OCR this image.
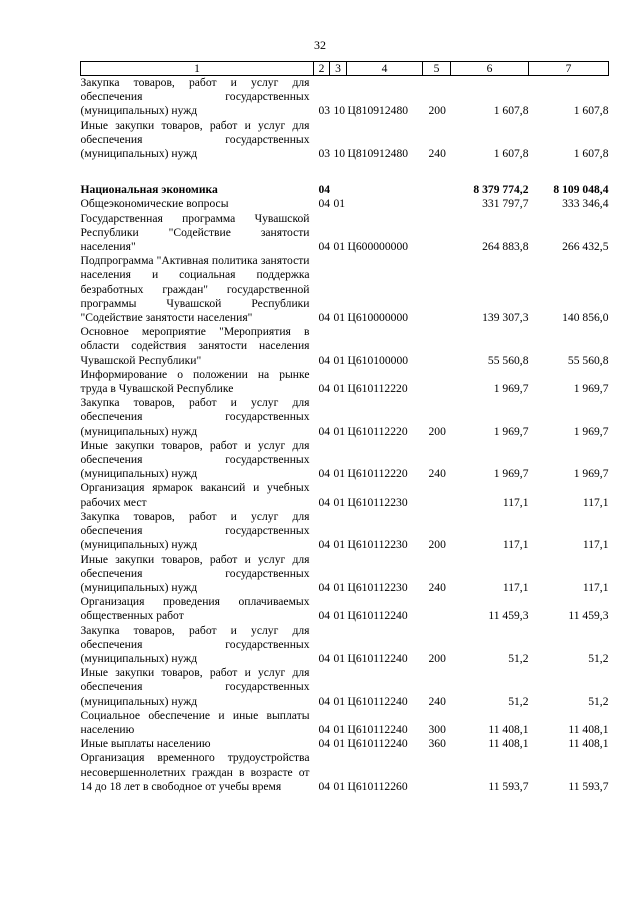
32
1	2	3	4	5	6	7
Закупка товаров, работ и услуг для обеспечения государственных (муниципальных) нужд	03	10	Ц810912480	200	1 607,8	1 607,8
Иные закупки товаров, работ и услуг для обеспечения государственных (муниципальных) нужд	03	10	Ц810912480	240	1 607,8	1 607,8

Национальная экономика	04				8 379 774,2	8 109 048,4
Общеэкономические вопросы	04	01			331 797,7	333 346,4
Государственная программа Чувашской Республики "Содействие занятости населения"	04	01	Ц600000000		264 883,8	266 432,5
Подпрограмма "Активная политика занятости населения и социальная поддержка безработных граждан" государственной программы Чувашской Республики "Содействие занятости населения"	04	01	Ц610000000		139 307,3	140 856,0
Основное мероприятие "Мероприятия в области содействия занятости населения Чувашской Республики"	04	01	Ц610100000		55 560,8	55 560,8
Информирование о положении на рынке труда в Чувашской Республике	04	01	Ц610112220		1 969,7	1 969,7
Закупка товаров, работ и услуг для обеспечения государственных (муниципальных) нужд	04	01	Ц610112220	200	1 969,7	1 969,7
Иные закупки товаров, работ и услуг для обеспечения государственных (муниципальных) нужд	04	01	Ц610112220	240	1 969,7	1 969,7
Организация ярмарок вакансий и учебных рабочих мест	04	01	Ц610112230		117,1	117,1
Закупка товаров, работ и услуг для обеспечения государственных (муниципальных) нужд	04	01	Ц610112230	200	117,1	117,1
Иные закупки товаров, работ и услуг для обеспечения государственных (муниципальных) нужд	04	01	Ц610112230	240	117,1	117,1
Организация проведения оплачиваемых общественных работ	04	01	Ц610112240		11 459,3	11 459,3
Закупка товаров, работ и услуг для обеспечения государственных (муниципальных) нужд	04	01	Ц610112240	200	51,2	51,2
Иные закупки товаров, работ и услуг для обеспечения государственных (муниципальных) нужд	04	01	Ц610112240	240	51,2	51,2
Социальное обеспечение и иные выплаты населению	04	01	Ц610112240	300	11 408,1	11 408,1
Иные выплаты населению	04	01	Ц610112240	360	11 408,1	11 408,1
Организация временного трудоустройства несовершеннолетних граждан в возрасте от 14 до 18 лет в свободное от учебы время	04	01	Ц610112260		11 593,7	11 593,7
